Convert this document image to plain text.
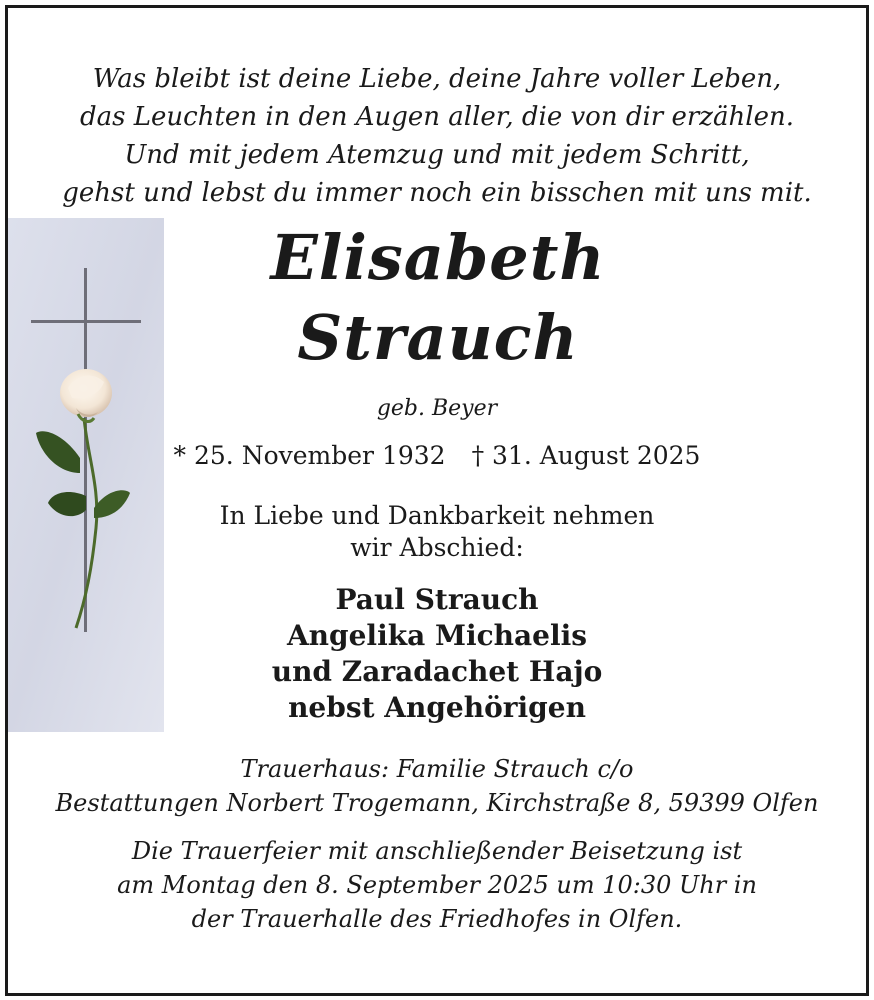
Was bleibt ist deine Liebe, deine Jahre voller Leben,
das Leuchten in den Augen aller, die von dir erzählen.
Und mit jedem Atemzug und mit jedem Schritt,
gehst und lebst du immer noch ein bisschen mit uns mit.
Elisabeth
Strauch
geb. Beyer
* 25. November 1932 † 31. August 2025
In Liebe und Dankbarkeit nehmen
wir Abschied:
Paul Strauch
Angelika Michaelis
und Zaradachet Hajo
nebst Angehörigen
Trauerhaus: Familie Strauch c/o
Bestattungen Norbert Trogemann, Kirchstraße 8, 59399 Olfen
Die Trauerfeier mit anschließender Beisetzung ist
am Montag den 8. September 2025 um 10:30 Uhr in
der Trauerhalle des Friedhofes in Olfen.
